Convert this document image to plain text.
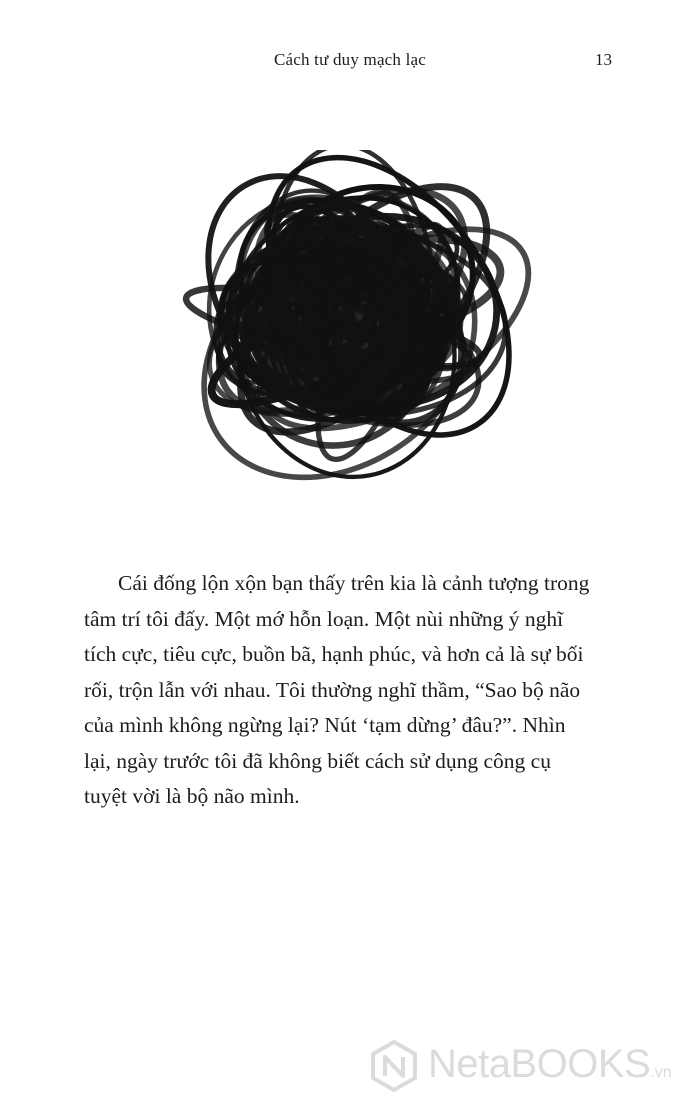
Cách tư duy mạch lạc	13

Cái đống lộn xộn bạn thấy trên kia là cảnh tượng trong
tâm trí tôi đấy. Một mớ hỗn loạn. Một nùi những ý nghĩ
tích cực, tiêu cực, buồn bã, hạnh phúc, và hơn cả là sự bối
rối, trộn lẫn với nhau. Tôi thường nghĩ thầm, “Sao bộ não
của mình không ngừng lại? Nút ‘tạm dừng’ đâu?”. Nhìn
lại, ngày trước tôi đã không biết cách sử dụng công cụ
tuyệt vời là bộ não mình.

NetaBOOKS.vn
